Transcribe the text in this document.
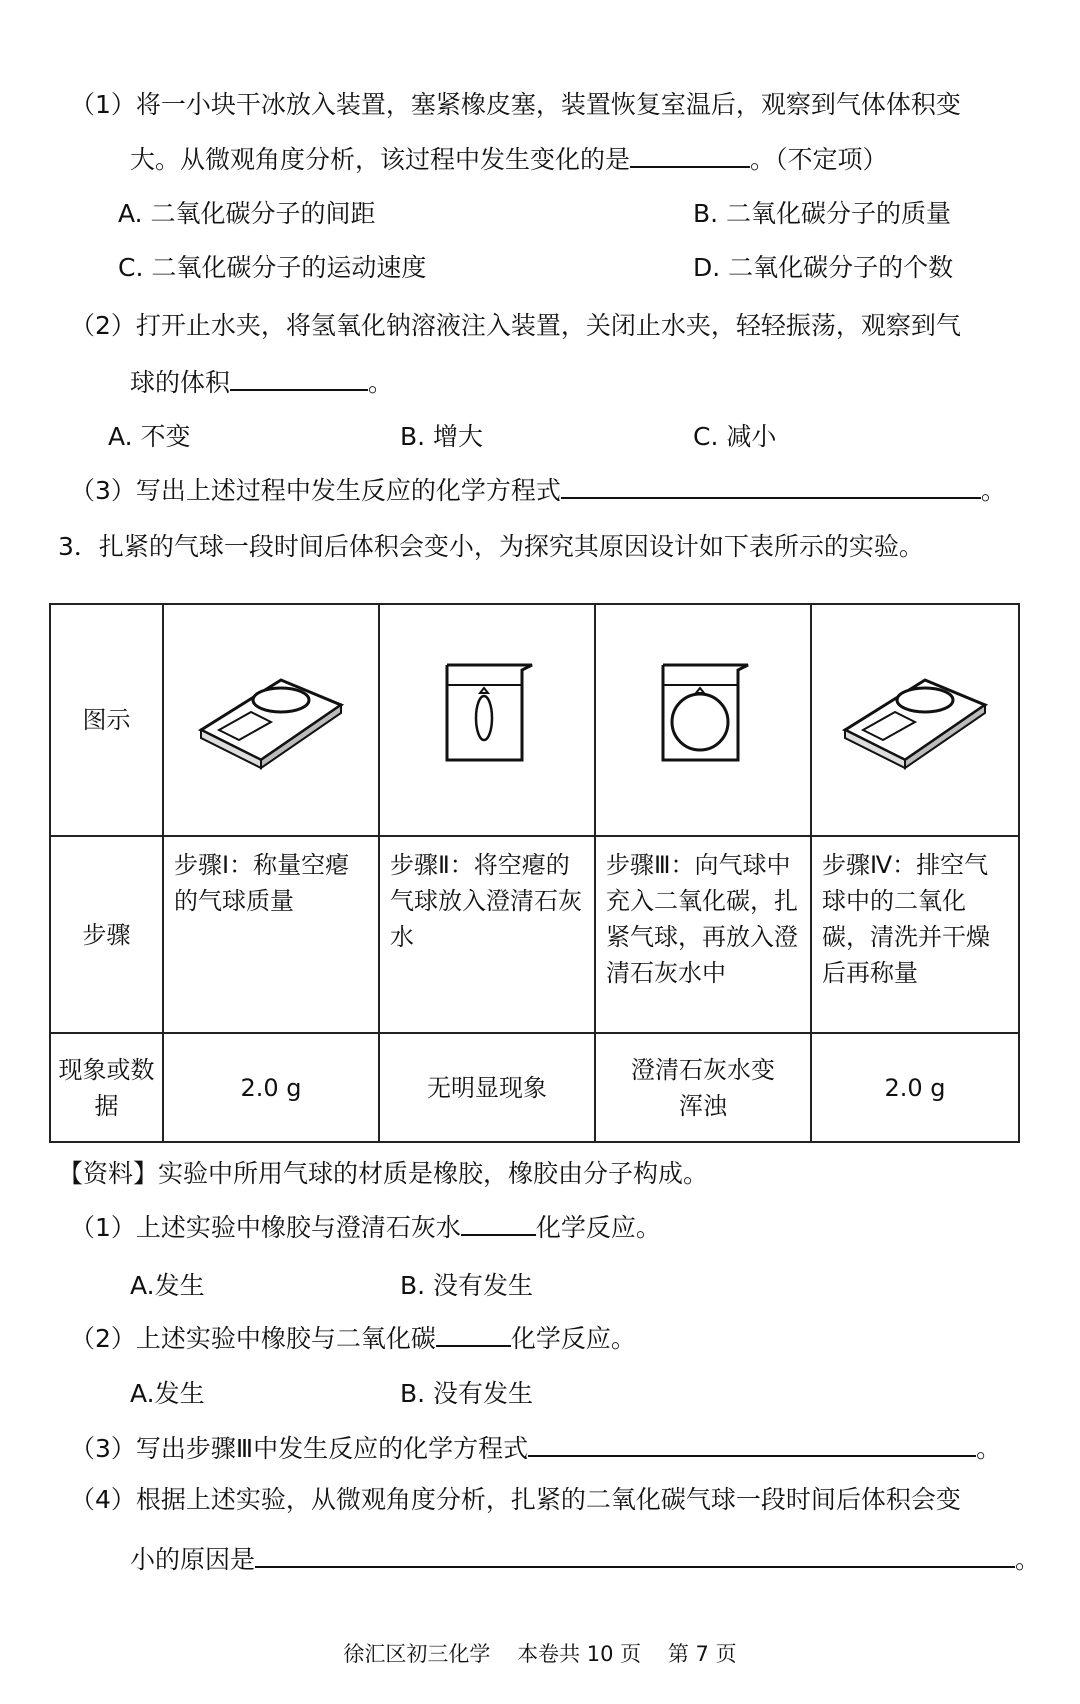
（1）将一小块干冰放入装置，塞紧橡皮塞，装置恢复室温后，观察到气体体积变
大。从微观角度分析，该过程中发生变化的是	。（不定项）
A. 二氧化碳分子的间距	B. 二氧化碳分子的质量
C. 二氧化碳分子的运动速度	D. 二氧化碳分子的个数
（2）打开止水夹，将氢氧化钠溶液注入装置，关闭止水夹，轻轻振荡，观察到气
球的体积	。
A. 不变	B. 增大	C. 减小
（3）写出上述过程中发生反应的化学方程式	。
3．扎紧的气球一段时间后体积会变小，为探究其原因设计如下表所示的实验。
图示				
步骤	步骤Ⅰ：称量空瘪的气球质量	步骤Ⅱ：将空瘪的气球放入澄清石灰水	步骤Ⅲ：向气球中充入二氧化碳，扎紧气球，再放入澄清石灰水中	步骤Ⅳ：排空气球中的二氧化碳，清洗并干燥后再称量
现象或数据	2.0 g	无明显现象	澄清石灰水变浑浊	2.0 g
【资料】实验中所用气球的材质是橡胶，橡胶由分子构成。
（1）上述实验中橡胶与澄清石灰水	化学反应。
A.发生	B. 没有发生
（2）上述实验中橡胶与二氧化碳	化学反应。
A.发生	B. 没有发生
（3）写出步骤Ⅲ中发生反应的化学方程式	。
（4）根据上述实验，从微观角度分析，扎紧的二氧化碳气球一段时间后体积会变
小的原因是	。
徐汇区初三化学 本卷共 10 页 第 7 页
